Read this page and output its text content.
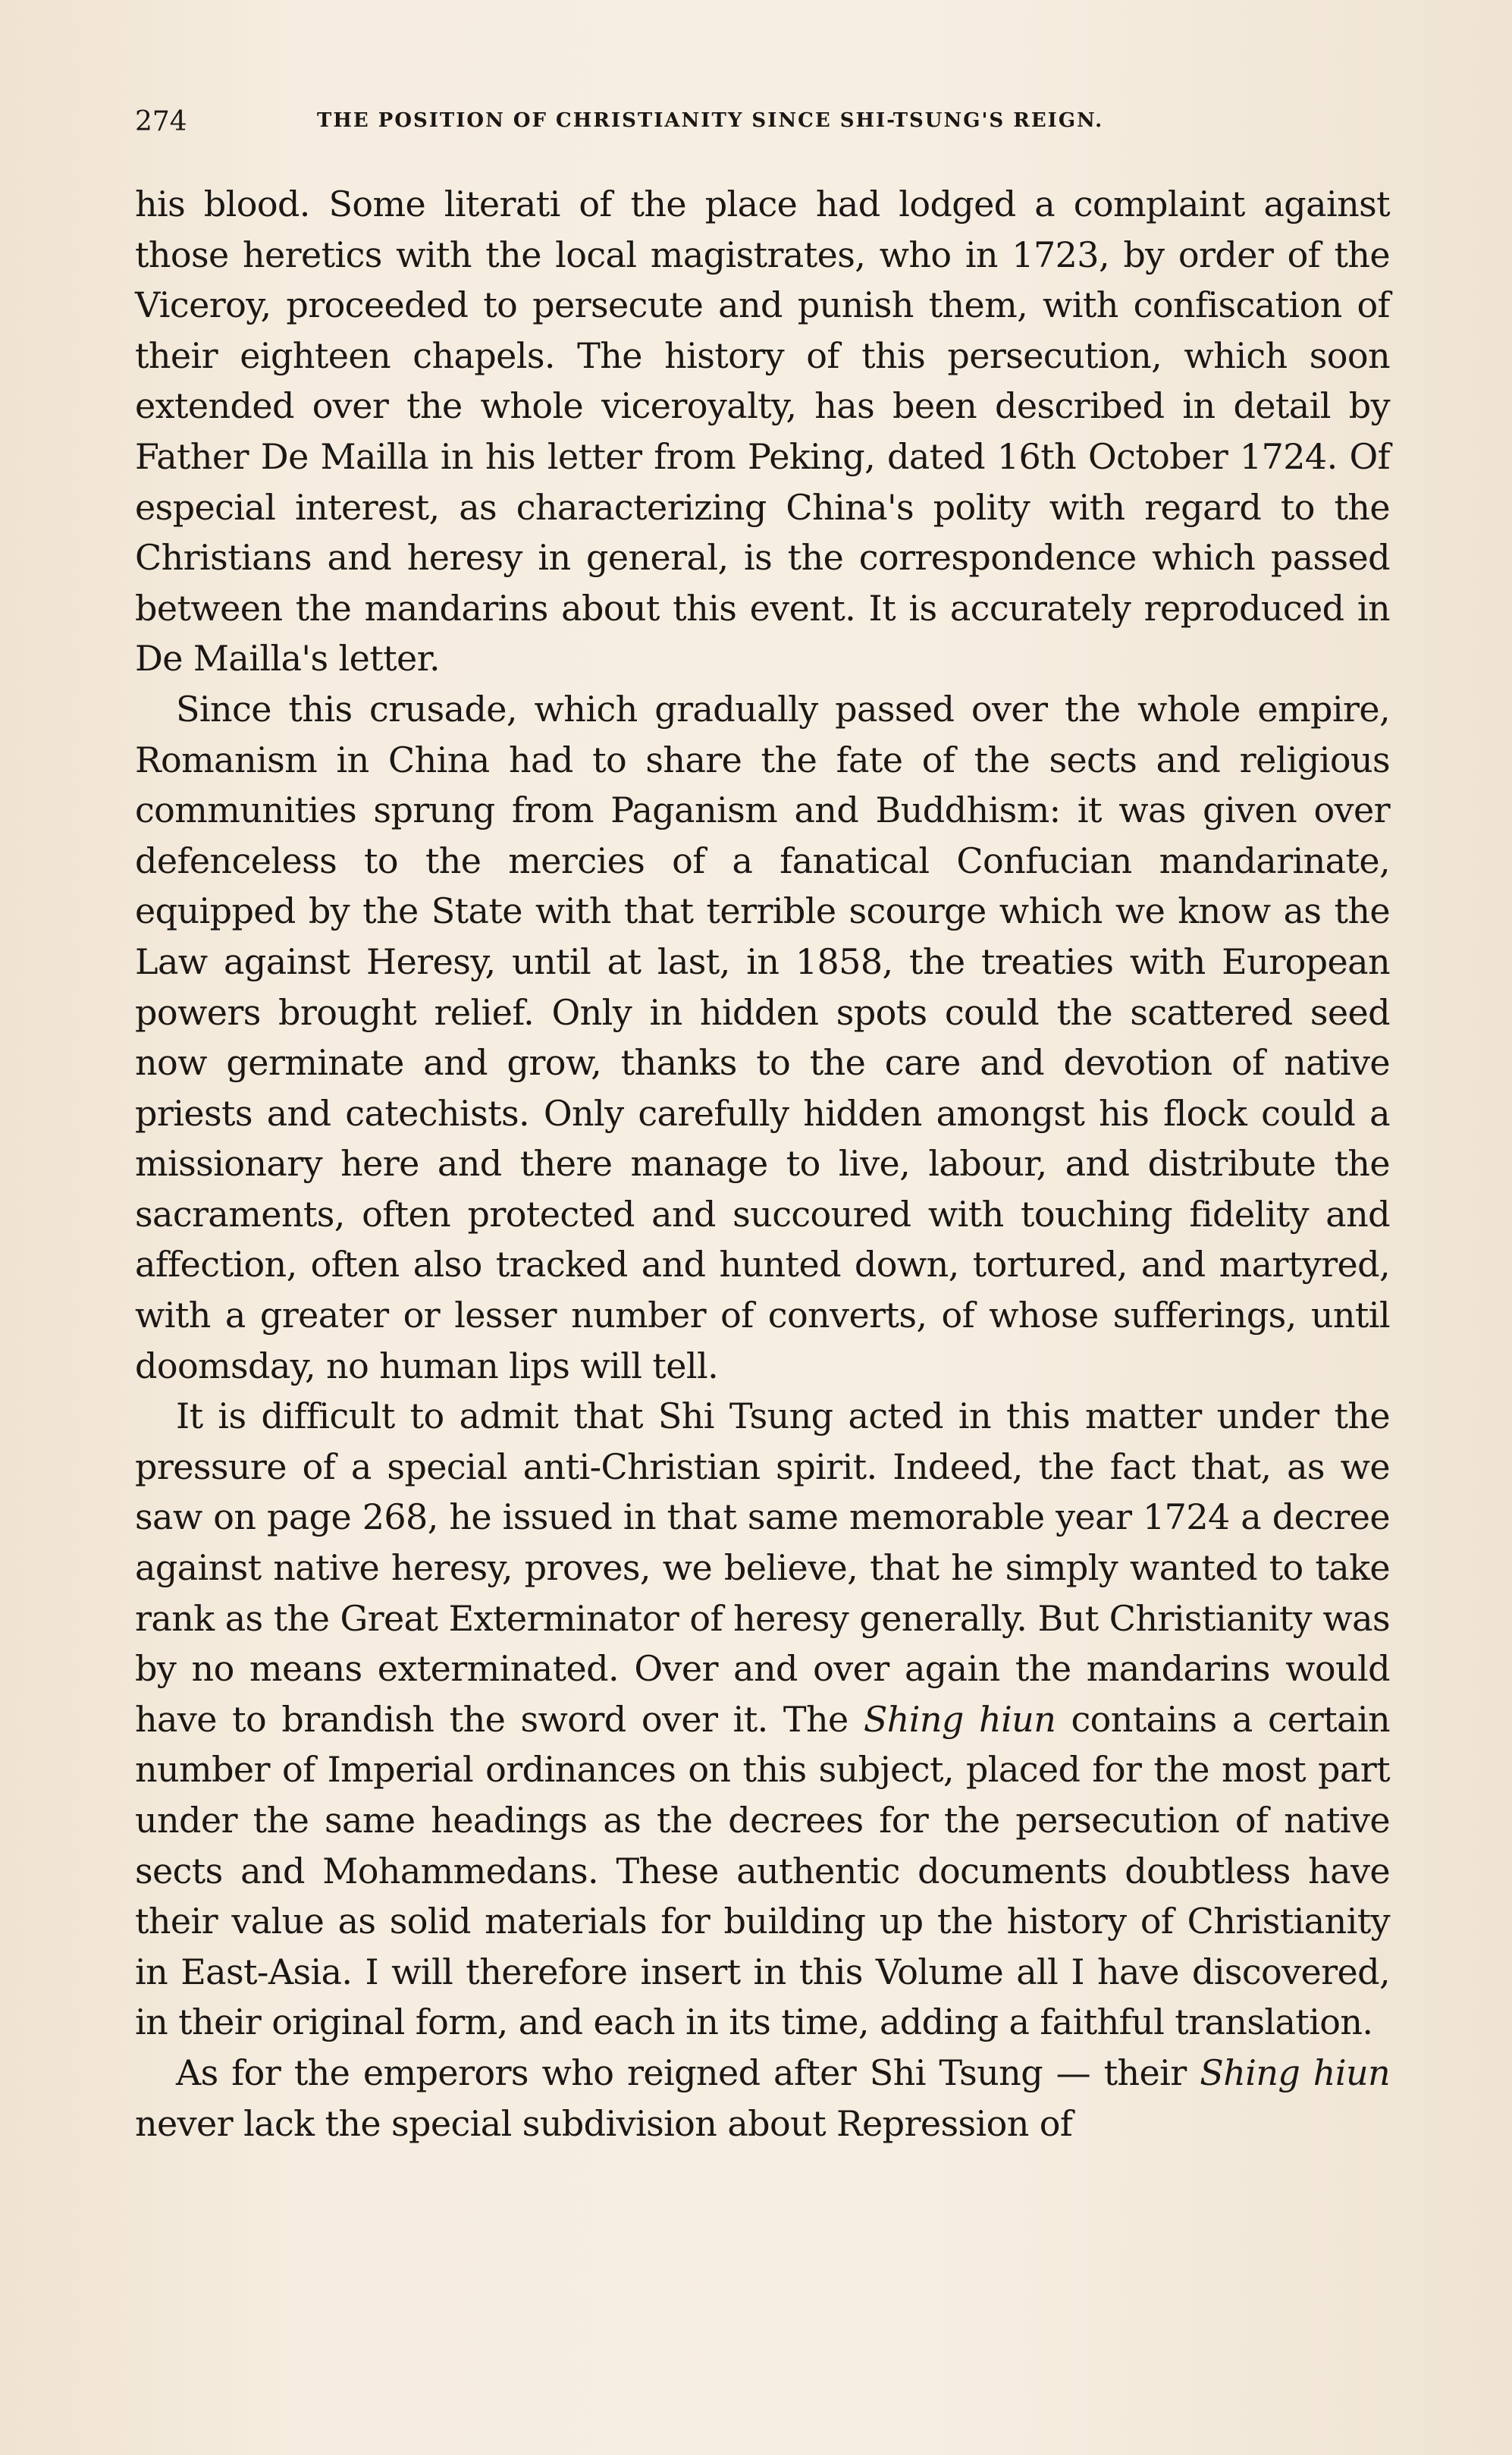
274	THE POSITION OF CHRISTIANITY SINCE SHI-TSUNG'S REIGN.

his blood. Some literati of the place had lodged a complaint against those heretics with the local magistrates, who in 1723, by order of the Viceroy, proceeded to persecute and punish them, with confiscation of their eighteen chapels. The history of this persecution, which soon extended over the whole viceroyalty, has been described in detail by Father De Mailla in his letter from Peking, dated 16th October 1724. Of especial interest, as characterizing China's polity with regard to the Christians and heresy in general, is the correspondence which passed between the mandarins about this event. It is accurately reproduced in De Mailla's letter.

Since this crusade, which gradually passed over the whole empire, Romanism in China had to share the fate of the sects and religious communities sprung from Paganism and Buddhism: it was given over defenceless to the mercies of a fanatical Confucian mandarinate, equipped by the State with that terrible scourge which we know as the Law against Heresy, until at last, in 1858, the treaties with European powers brought relief. Only in hidden spots could the scattered seed now germinate and grow, thanks to the care and devotion of native priests and catechists. Only carefully hidden amongst his flock could a missionary here and there manage to live, labour, and distribute the sacraments, often protected and succoured with touching fidelity and affection, often also tracked and hunted down, tortured, and martyred, with a greater or lesser number of converts, of whose sufferings, until doomsday, no human lips will tell.

It is difficult to admit that Shi Tsung acted in this matter under the pressure of a special anti-Christian spirit. Indeed, the fact that, as we saw on page 268, he issued in that same memorable year 1724 a decree against native heresy, proves, we believe, that he simply wanted to take rank as the Great Exterminator of heresy generally. But Christianity was by no means exterminated. Over and over again the mandarins would have to brandish the sword over it. The Shing hiun contains a certain number of Imperial ordinances on this subject, placed for the most part under the same headings as the decrees for the persecution of native sects and Mohammedans. These authentic documents doubtless have their value as solid materials for building up the history of Christianity in East-Asia. I will therefore insert in this Volume all I have discovered, in their original form, and each in its time, adding a faithful translation.

As for the emperors who reigned after Shi Tsung — their Shing hiun never lack the special subdivision about Repression of
